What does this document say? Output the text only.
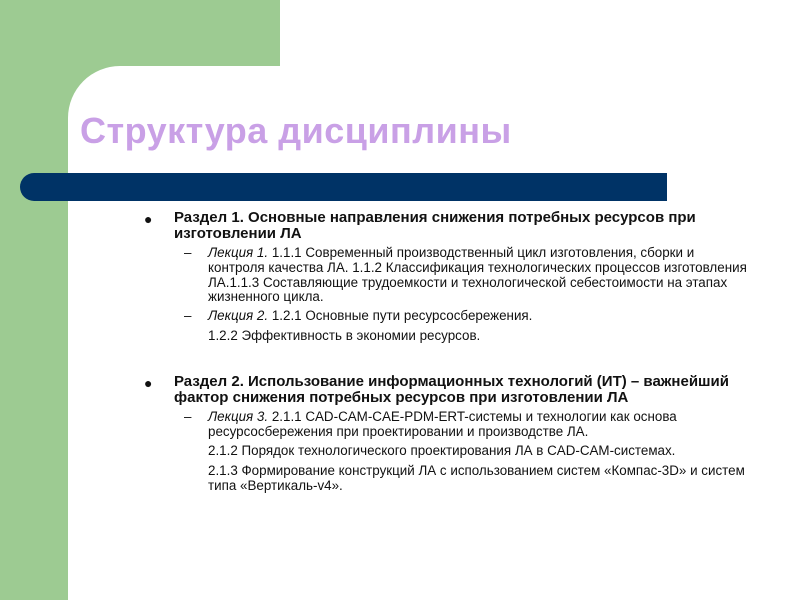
Структура дисциплины
● Раздел 1. Основные направления снижения потребных ресурсов при изготовлении ЛА
– Лекция 1. 1.1.1 Современный производственный цикл изготовления, сборки и контроля качества ЛА. 1.1.2 Классификация технологических процессов изготовления ЛА.1.1.3 Составляющие трудоемкости и технологической себестоимости на этапах жизненного цикла.
– Лекция 2. 1.2.1 Основные пути ресурсосбережения.
1.2.2 Эффективность в экономии ресурсов.
● Раздел 2. Использование информационных технологий (ИТ) – важнейший фактор снижения потребных ресурсов при изготовлении ЛА
– Лекция 3. 2.1.1 CAD-CAM-CAE-PDM-ERT-системы и технологии как основа ресурсосбережения при проектировании и производстве ЛА.
2.1.2 Порядок технологического проектирования ЛА в CAD-CAM-системах.
2.1.3 Формирование конструкций ЛА с использованием систем «Компас-3D» и систем типа «Вертикаль-v4».
